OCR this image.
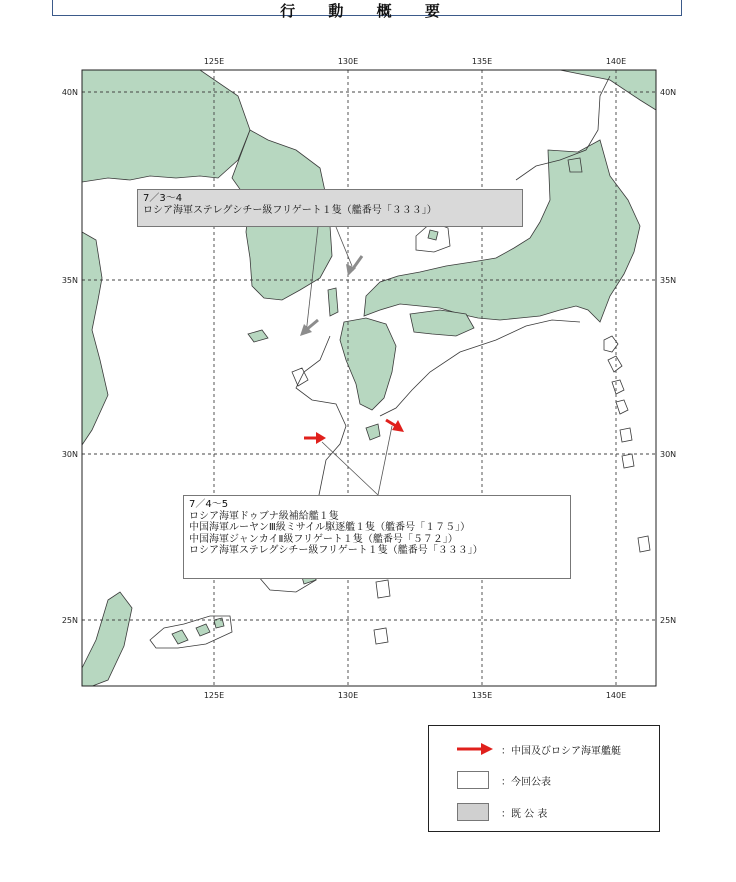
行 動 概 要
125E	130E	135E	140E
125E	130E	135E	140E
40N
35N
30N
25N
40N
35N
30N
25N
7／3～4
ロシア海軍ステレグシチー級フリゲート１隻（艦番号「３３３」）
7／4～5
ロシア海軍ドゥブナ級補給艦１隻
中国海軍ルーヤンⅢ級ミサイル駆逐艦１隻（艦番号「１７５」）
中国海軍ジャンカイⅡ級フリゲート１隻（艦番号「５７２」）
ロシア海軍ステレグシチー級フリゲート１隻（艦番号「３３３」）
：中国及びロシア海軍艦艇
：今回公表
：既 公 表
